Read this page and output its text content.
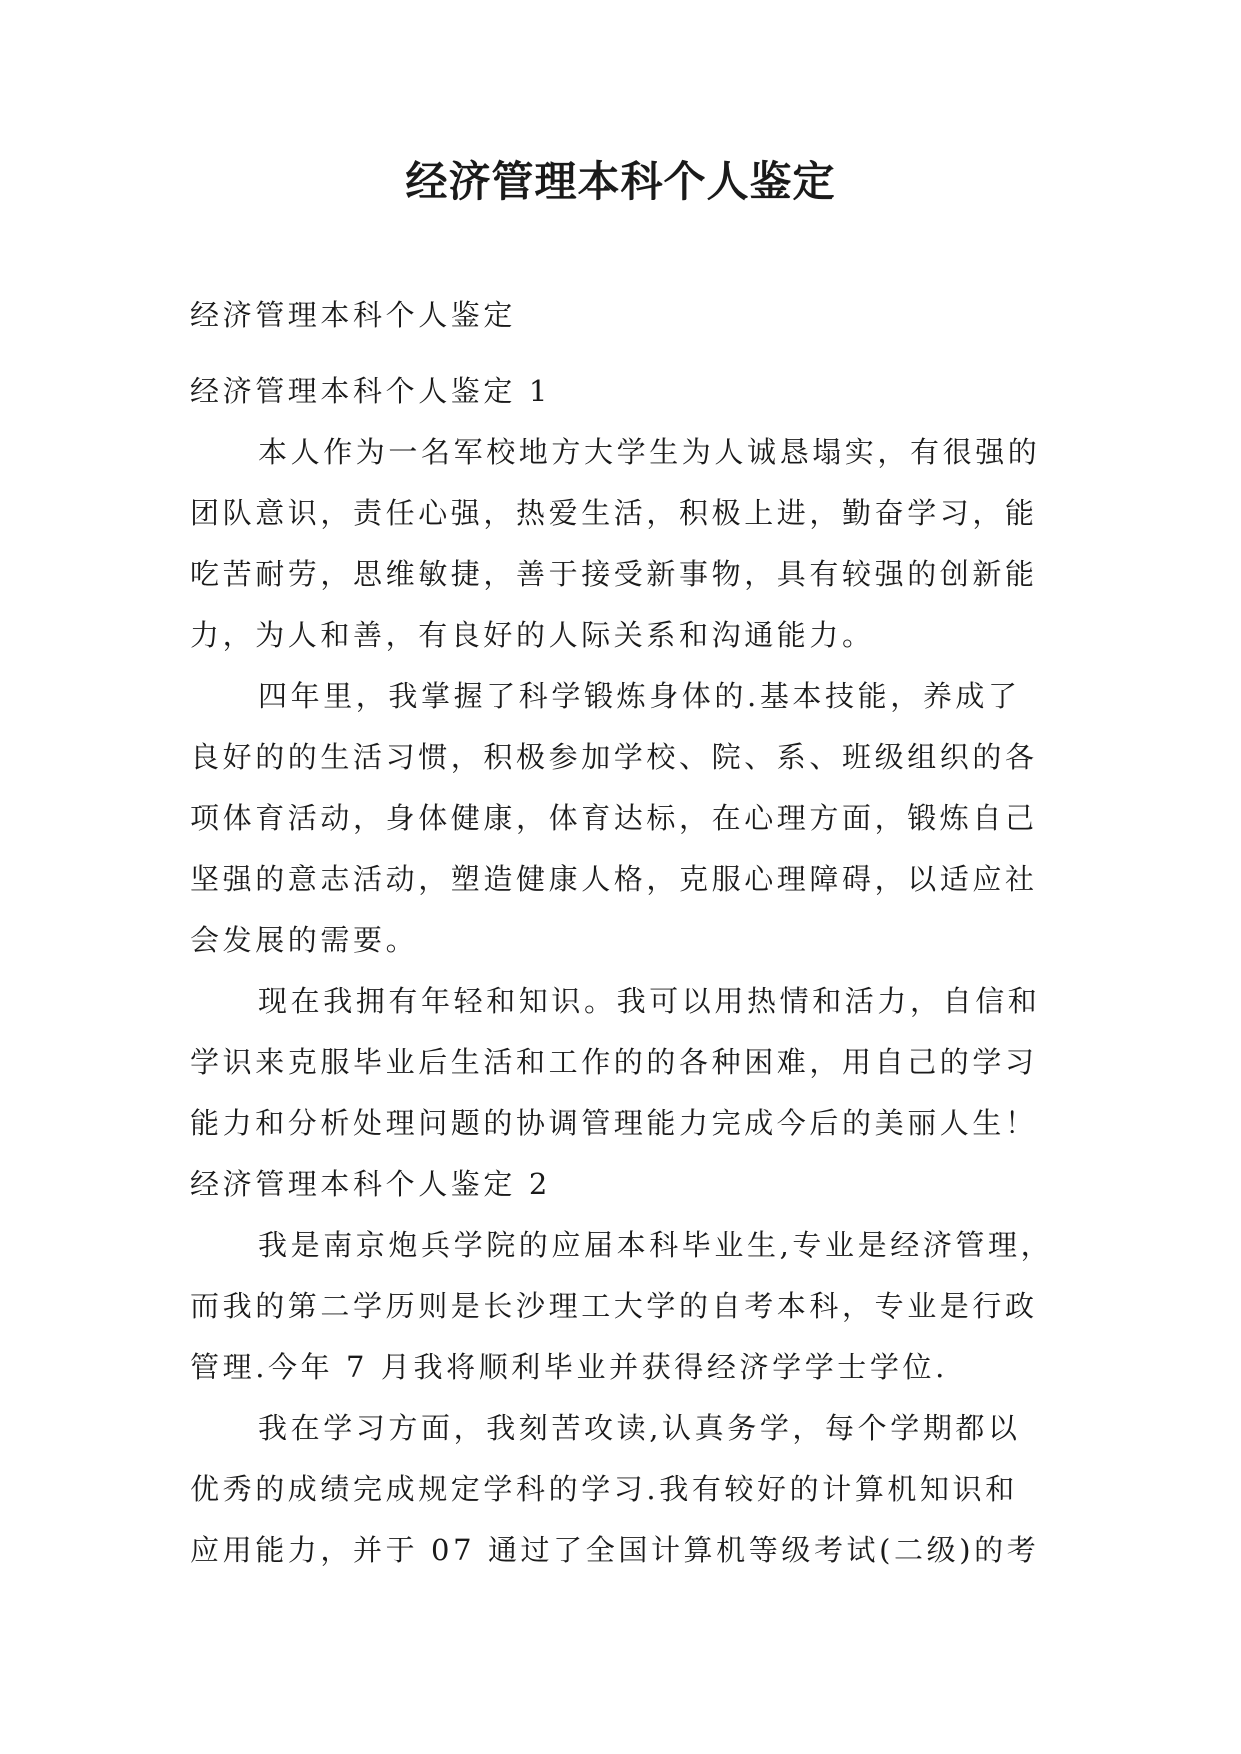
经济管理本科个人鉴定
经济管理本科个人鉴定
经济管理本科个人鉴定 1
本人作为一名军校地方大学生为人诚恳塌实，有很强的
团队意识，责任心强，热爱生活，积极上进，勤奋学习，能
吃苦耐劳，思维敏捷，善于接受新事物，具有较强的创新能
力，为人和善，有良好的人际关系和沟通能力。
四年里，我掌握了科学锻炼身体的.基本技能，养成了
良好的的生活习惯，积极参加学校、院、系、班级组织的各
项体育活动，身体健康，体育达标，在心理方面，锻炼自己
坚强的意志活动，塑造健康人格，克服心理障碍，以适应社
会发展的需要。
现在我拥有年轻和知识。我可以用热情和活力，自信和
学识来克服毕业后生活和工作的的各种困难，用自己的学习
能力和分析处理问题的协调管理能力完成今后的美丽人生！
经济管理本科个人鉴定 2
我是南京炮兵学院的应届本科毕业生,专业是经济管理，
而我的第二学历则是长沙理工大学的自考本科，专业是行政
管理.今年 7 月我将顺利毕业并获得经济学学士学位.
我在学习方面，我刻苦攻读,认真务学，每个学期都以
优秀的成绩完成规定学科的学习.我有较好的计算机知识和
应用能力，并于 07 通过了全国计算机等级考试(二级)的考
